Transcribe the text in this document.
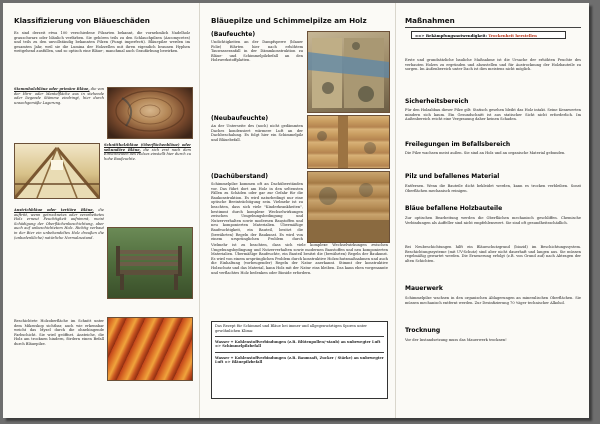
Klassifizierung von Bläueschäden
Es sind derzeit etwa 100 verschiedene Pilzarten bekannt, die vornehmlich Nadelholz grauschwarz oder bläulich verfärben. Sie gehören teils zu den Schlauchpilzen (Ascomycetes) und teils zu den unvollständig bekannten Pilzen (Fungi imperfecti). Bläuepilze werden im gesamten Jahr, weil sie die Lumina der Holzzellen mit ihren eigendich braunen Hyphen weitgehend ausfüllen, und so optisch eine Bläue-, manchmal auch Graufärbung bewirken.
Stammholzbläue oder primäre Bläue, die von der Hirn- oder Mantelfläche aus in stehende oder liegende Stämme eindringt, hier durch unsachgemäße Lagerung.
Schnittholzbläue (Oberflächenbläue) oder sekundäre Bläue, die sich erst nach dem Einschneiden des Holzes einstellt hier durch zu hohe Baufeuchte.
Anstrichbläue oder tertiäre Bläue, die auftritt, wenn getrocknetes oder verarbeitetes Holz erneut Feuchtigkeit aufnimmt, meist Schädigung der Oberflächenbeschichtung, aber auch auf unbeschichtetem Holz. Richtig verbaut in der Bier ein unbehandeltes Holz draußen die (unbedenkliche) natürliche Normalzustand.
Beschichtete Holzoberfläche im Schnitt unter dem Mikroskop sichtbar, auch wie erkennbar weicht das Myzel durch die ohnehingende Farbschicht. Sie wird geöffnet. Ansteiche, die Holz am trocknen hindern, fördern einen Befall durch Bläuepilze.
Bläuepilze und Schimmelpilze am Holz
(Baufeuchte)
Undichtigkeiten an der Dampfsperre (blauer Folie) führten hier nach erhöhtem Tauwasseranfall in der Dämmkonstruktion zu Bläue- und Schimmelpilzbefall an den Holzwerkstoffplatten.
(Neubaufeuchte)
An der Unterseite des (noch) nicht gedämmten Daches kondensiert wärmere Luft an der Dachbeschalung. Es folgt hier ein Schimmelpilz und Bläuebefall.
(Dachüberstand)
Schimmelpilze kommen oft an Dachüberständen vor. Das führt dort am Holz in den seltensten Fällen zu Schäden oder gar zur Gefahr für die Baukonstruktion. Es wird naturbedingt nur eine optische Beeinträchtigung sein. Vielmehr ist zu beachten, dass sich viele "Kinderkrankheiten", bestimmt durch komplexe Wechselwirkungen zwischen Umgebungsbedingung und Nutzerverhalten sowie modernen Baustoffen und neu komponierten Materialien. Übermäßige Baufeuchtigkeit, ein Bauteil, besitzt die (bewährten) Regeln der Baukunst. Es wird von einem ursprünglichen Problem durch
Vielmehr ist zu beachten, dass sich viele komplexe Wechselwirkungen zwischen Umgebungsbedingung und Nutzerverhalten sowie modernen Baustoffen und neu komponierten Materialien. Übermäßige Baufeuchte, ein Bauteil besitzt die (bewährten) Regeln der Baukunst. Es wird von einem ursprünglichen Problem durch konstruktive Holzschutzmaßnahmen und auch die Einhaltung (vorbeugender) Regeln der Natur anerkannt. Stimmt der konstruktive Holzschutz und das Material, kann Holz mit der Natur eins bleiben. Das kann eben vorgenannte und verflachtes Holz bedenken oder Bioside erfordern.
Das Rezept für Schimmel und Bläue bei immer und allgegenwärtigen Sporen unter gewöhnlichen Klima:
Wasser + Kohlenstoffverbindungen (z.B. Blütenpollen/-staub) an unbewegter Luft => Schimmelpilzbefall
Wasser + Kohlenstoffverbindungen (z.B. Baumsaft, Zucker / Stärke) an unbewegter Luft => Bläuepilzbefall
Maßnahmen
==> Bekämpfungsnotwendigkeit: Trockenheit herstellen
Erste und grundsätzliche bauliche Maßnahme ist die Ursache der erhöhten Feuchte des verbauten Holzes zu ergründen und abzustellen und für Austrocknung der Holzbauteile zu sorgen. Im Außenbereich unter Dach ist dies meistens nicht möglich.
Sicherheitsbereich
Für den Holzabbau dieser Pilze gilt: Statisch gesehen bleibt das Holz intakt. Seine Kennwerten mindern sich kaum. Ein Gesundschnitt ist aus statischer Sicht nicht erforderlich. Im Außenbereich reicht eine Vergrauung daher keinen Schaden.
Freilegungen im Befallsbereich
Die Pilze wachsen meist außen. Sie sind an Holz und an organische Material gebunden.
Pilz und befallenes Material
Entfernen. Wenn die Bauteile dicht bekleidet werden, kann es trocken verbleiben. Sonst Oberflächen mechanisch reinigen.
Bläue befallene Holzbauteile
Zur optischen Bearbeitung werden die Oberflächen mechanisch geschliffen. Chemische Verbindungen als Auffeller sind nicht empfehlenswert. Sie sind oft gesundheitsschädlich.
Bei Neubeschichtungen hilft ein Bläueschutzgrund (biozid) im Beschichtungssystem. Beschichtungssysteme (mit UV-Schutz) sind aber nicht dauerhaft und langen aus. Sie müssen regelmäßig gewartet werden. Die Erneuerung erfolgt (z.B. von Grund auf) nach Abtragen der alten Schichten.
Mauerwerk
Schimmelpilze wachsen in den organischen Ablagerungen an mineralischen Oberflächen. Sie müssen mechanisch entfernt werden. Zur Desinfizierung 70 %iger technischer Alkohol.
Trocknung
Vor der Instandsetzung muss das Mauerwerk trocknen!
